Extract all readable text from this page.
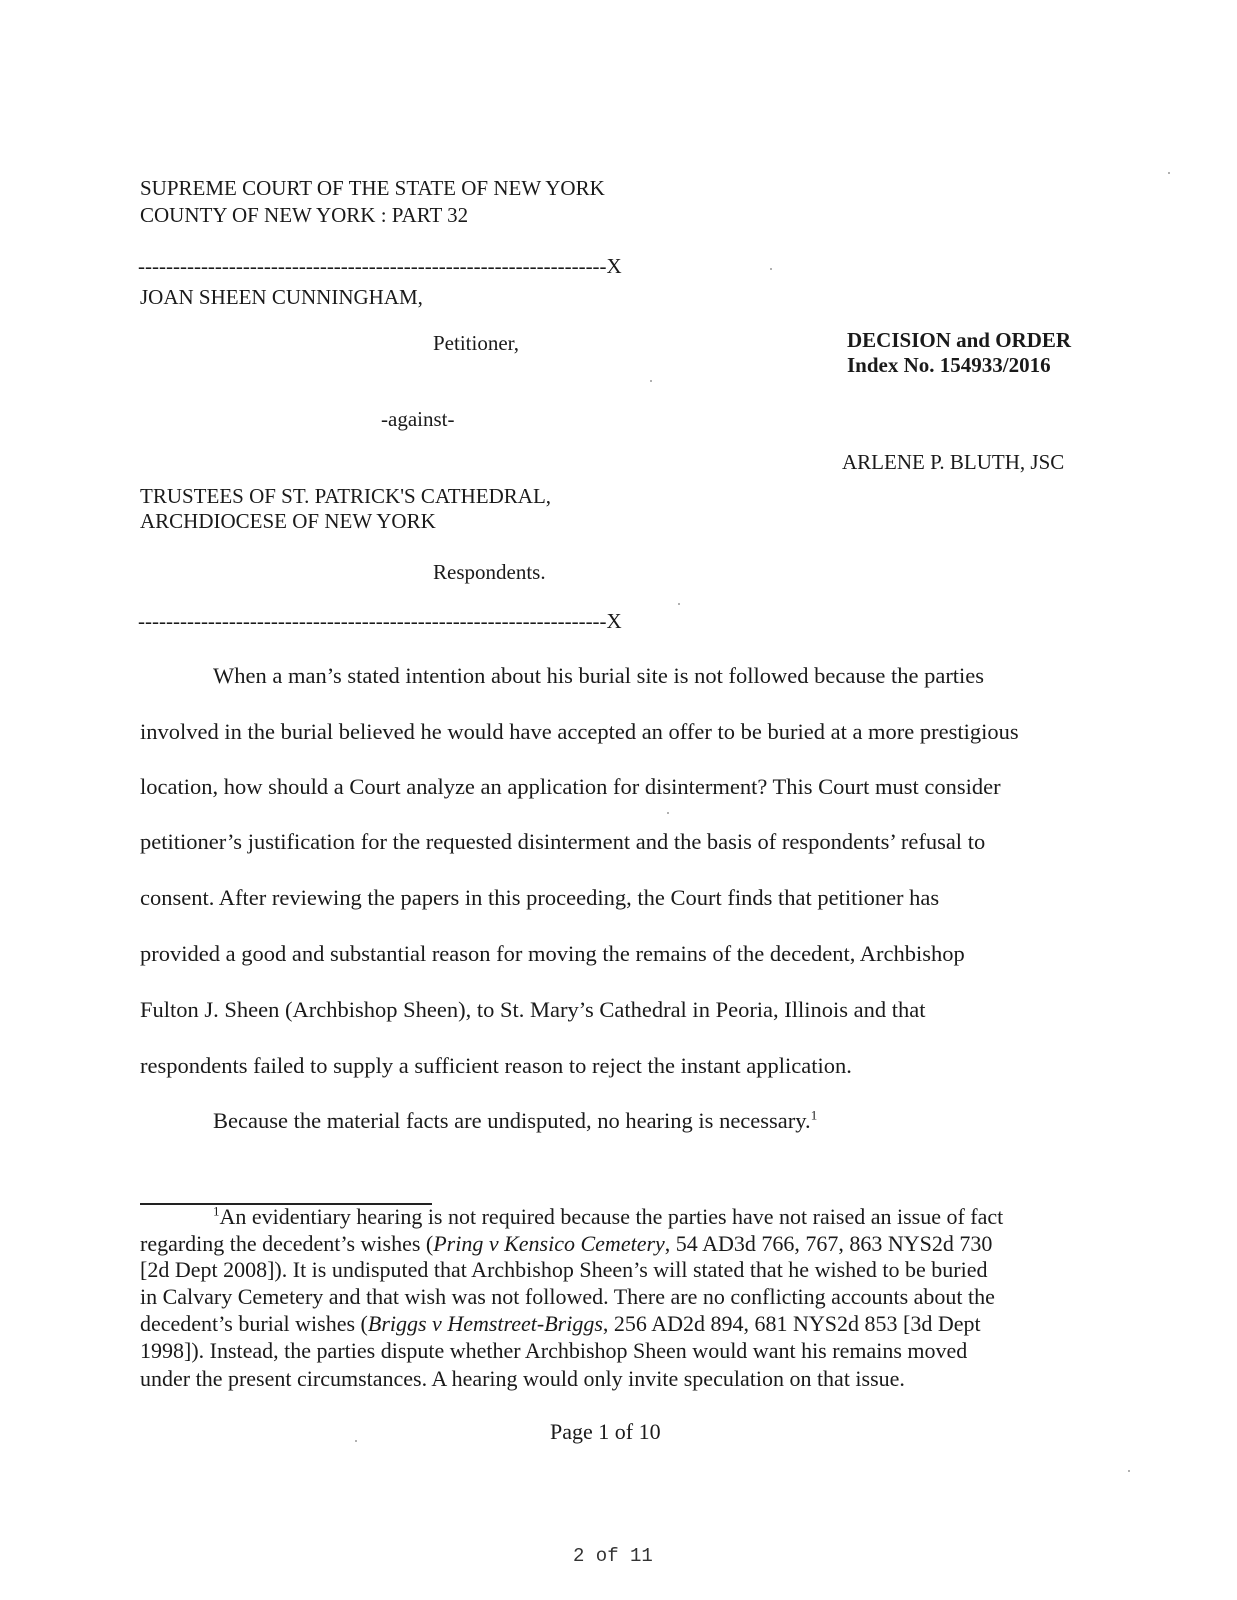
SUPREME COURT OF THE STATE OF NEW YORK
COUNTY OF NEW YORK : PART 32
-------------------------------------------------------------------X
JOAN SHEEN CUNNINGHAM,
Petitioner,	DECISION and ORDER
Index No. 154933/2016
-against-
ARLENE P. BLUTH, JSC
TRUSTEES OF ST. PATRICK'S CATHEDRAL,
ARCHDIOCESE OF NEW YORK
Respondents.
-------------------------------------------------------------------X
When a man’s stated intention about his burial site is not followed because the parties
involved in the burial believed he would have accepted an offer to be buried at a more prestigious
location, how should a Court analyze an application for disinterment? This Court must consider
petitioner’s justification for the requested disinterment and the basis of respondents’ refusal to
consent. After reviewing the papers in this proceeding, the Court finds that petitioner has
provided a good and substantial reason for moving the remains of the decedent, Archbishop
Fulton J. Sheen (Archbishop Sheen), to St. Mary’s Cathedral in Peoria, Illinois and that
respondents failed to supply a sufficient reason to reject the instant application.
Because the material facts are undisputed, no hearing is necessary.$^1$
$^1$An evidentiary hearing is not required because the parties have not raised an issue of fact
regarding the decedent’s wishes (Pring v Kensico Cemetery, 54 AD3d 766, 767, 863 NYS2d 730
[2d Dept 2008]). It is undisputed that Archbishop Sheen’s will stated that he wished to be buried
in Calvary Cemetery and that wish was not followed. There are no conflicting accounts about the
decedent’s burial wishes (Briggs v Hemstreet-Briggs, 256 AD2d 894, 681 NYS2d 853 [3d Dept
1998]). Instead, the parties dispute whether Archbishop Sheen would want his remains moved
under the present circumstances. A hearing would only invite speculation on that issue.
Page 1 of 10
2 of 11
